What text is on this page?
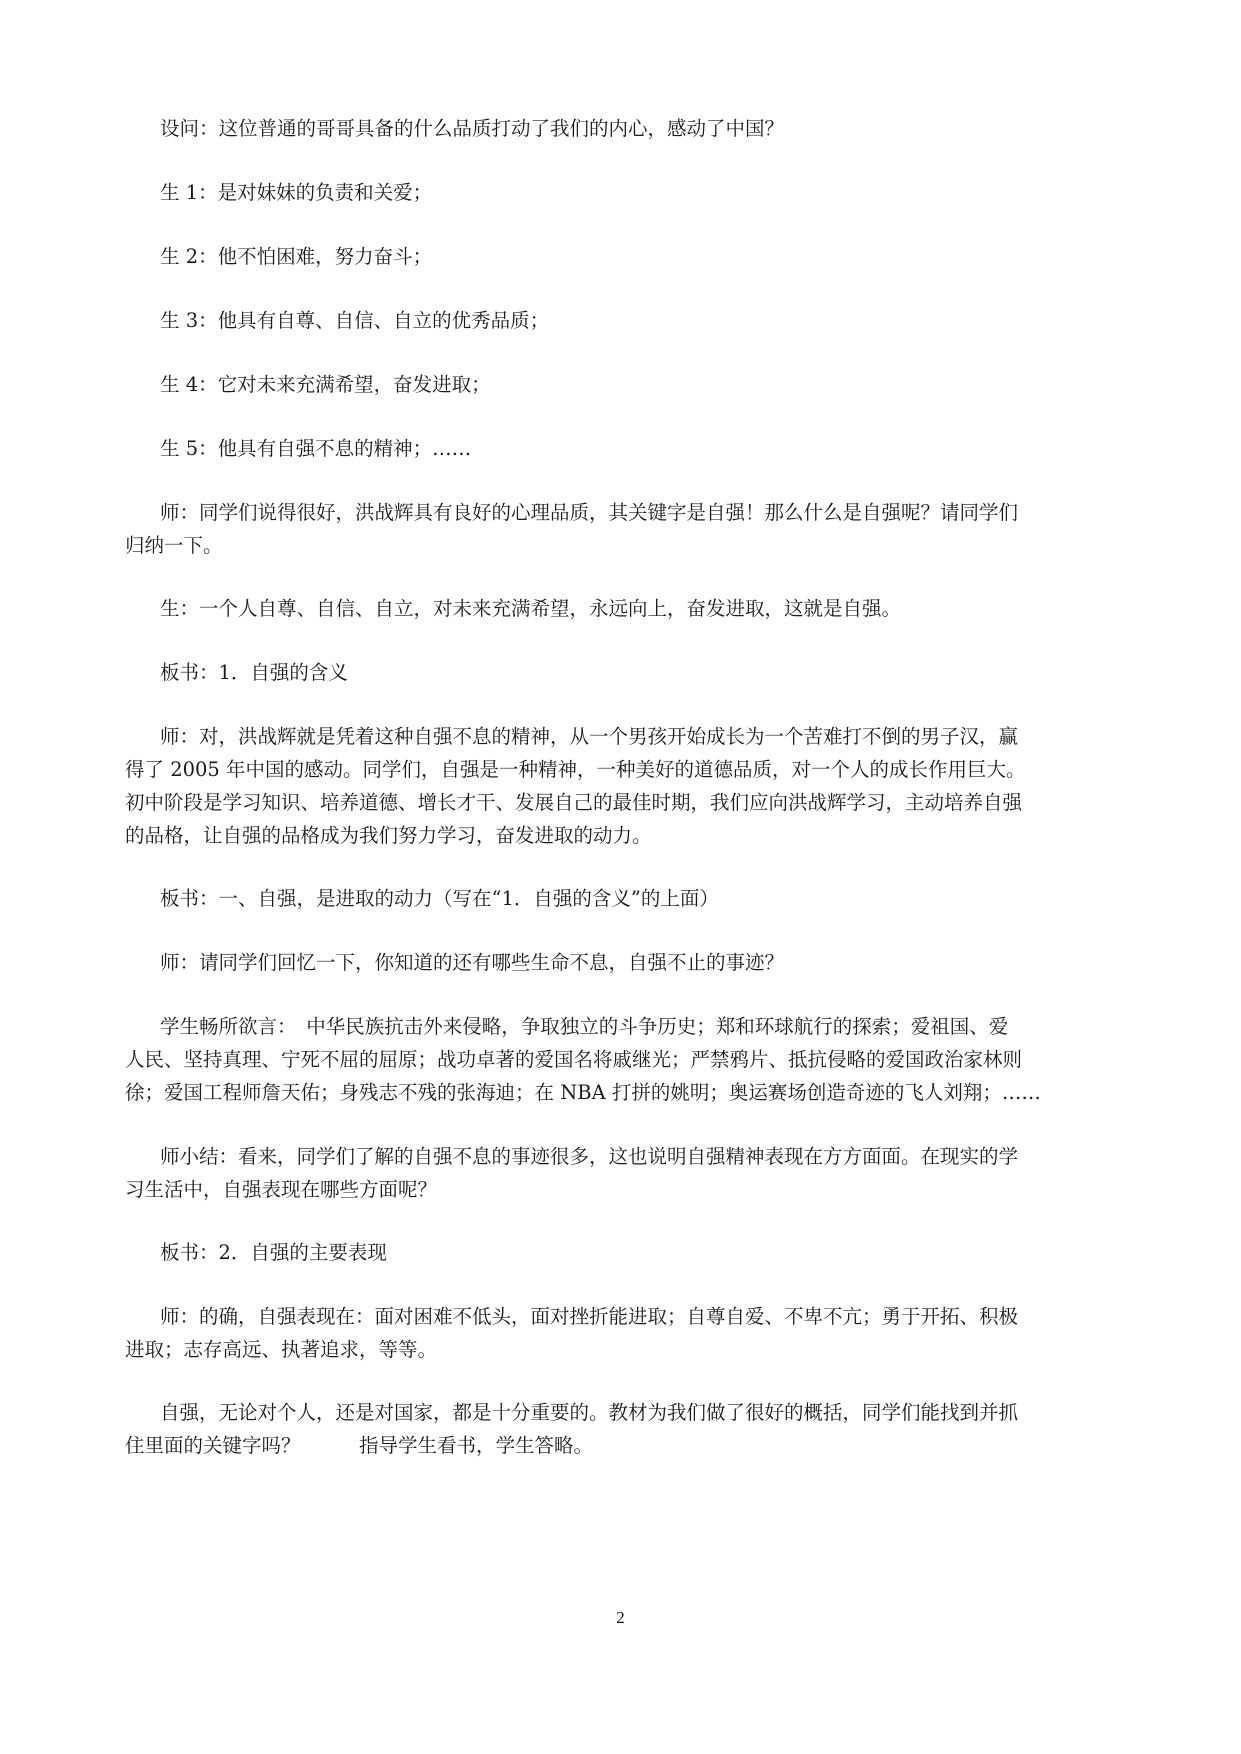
设问：这位普通的哥哥具备的什么品质打动了我们的内心，感动了中国？

生 1：是对妹妹的负责和关爱；

生 2：他不怕困难，努力奋斗；

生 3：他具有自尊、自信、自立的优秀品质；

生 4：它对未来充满希望，奋发进取；

生 5：他具有自强不息的精神；……

师：同学们说得很好，洪战辉具有良好的心理品质，其关键字是自强！那么什么是自强呢？请同学们

归纳一下。

生：一个人自尊、自信、自立，对未来充满希望，永远向上，奋发进取，这就是自强。

板书：1．自强的含义

师：对，洪战辉就是凭着这种自强不息的精神，从一个男孩开始成长为一个苦难打不倒的男子汉，赢

得了 2005 年中国的感动。同学们，自强是一种精神，一种美好的道德品质，对一个人的成长作用巨大。

初中阶段是学习知识、培养道德、增长才干、发展自己的最佳时期，我们应向洪战辉学习，主动培养自强

的品格，让自强的品格成为我们努力学习，奋发进取的动力。

板书：一、自强，是进取的动力（写在“1．自强的含义”的上面）

师：请同学们回忆一下，你知道的还有哪些生命不息，自强不止的事迹？

学生畅所欲言：　中华民族抗击外来侵略，争取独立的斗争历史；郑和环球航行的探索；爱祖国、爱

人民、坚持真理、宁死不屈的屈原；战功卓著的爱国名将戚继光；严禁鸦片、抵抗侵略的爱国政治家林则

徐；爱国工程师詹天佑；身残志不残的张海迪；在 NBA 打拼的姚明；奥运赛场创造奇迹的飞人刘翔；……

师小结：看来，同学们了解的自强不息的事迹很多，这也说明自强精神表现在方方面面。在现实的学

习生活中，自强表现在哪些方面呢？

板书：2．自强的主要表现

师：的确，自强表现在：面对困难不低头，面对挫折能进取；自尊自爱、不卑不亢；勇于开拓、积极

进取；志存高远、执著追求，等等。

自强，无论对个人，还是对国家，都是十分重要的。教材为我们做了很好的概括，同学们能找到并抓

住里面的关键字吗？　　　指导学生看书，学生答略。

2
